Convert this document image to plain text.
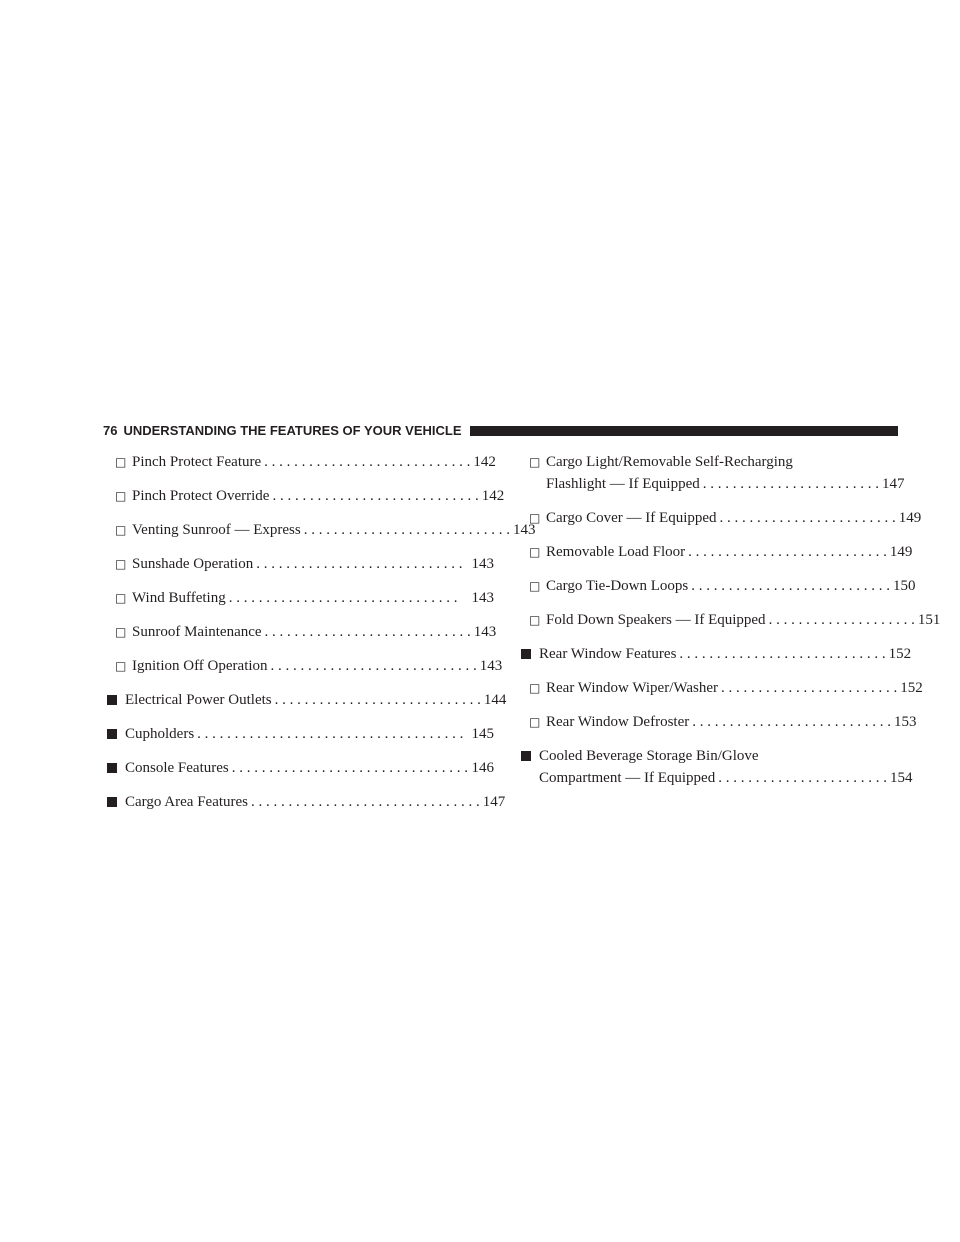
76 UNDERSTANDING THE FEATURES OF YOUR VEHICLE
□ Pinch Protect Feature . . . . . . . . . . . . . . . . . . . . . . . . . . . . 142
□ Pinch Protect Override . . . . . . . . . . . . . . . . . . . . . . . . . . . . 142
□ Venting Sunroof — Express . . . . . . . . . . . . . . . . . . . . . . . . . . . . 143
□ Sunshade Operation . . . . . . . . . . . . . . . . . . . . . . . . . . . . 143
□ Wind Buffeting . . . . . . . . . . . . . . . . . . . . . . . . . . . . . . . 143
□ Sunroof Maintenance . . . . . . . . . . . . . . . . . . . . . . . . . . . . 143
□ Ignition Off Operation . . . . . . . . . . . . . . . . . . . . . . . . . . . . 143
Electrical Power Outlets . . . . . . . . . . . . . . . . . . . . . . . . . . . . 144
Cupholders . . . . . . . . . . . . . . . . . . . . . . . . . . . . . . . . . . . . 145
Console Features . . . . . . . . . . . . . . . . . . . . . . . . . . . . . . . . 146
Cargo Area Features . . . . . . . . . . . . . . . . . . . . . . . . . . . . . . . 147
□ Cargo Light/Removable Self-Recharging
Flashlight — If Equipped . . . . . . . . . . . . . . . . . . . . . . . . 147
□ Cargo Cover — If Equipped . . . . . . . . . . . . . . . . . . . . . . . . 149
□ Removable Load Floor . . . . . . . . . . . . . . . . . . . . . . . . . . . 149
□ Cargo Tie-Down Loops . . . . . . . . . . . . . . . . . . . . . . . . . . . 150
□ Fold Down Speakers — If Equipped . . . . . . . . . . . . . . . . . . . . 151
Rear Window Features . . . . . . . . . . . . . . . . . . . . . . . . . . . . 152
□ Rear Window Wiper/Washer . . . . . . . . . . . . . . . . . . . . . . . . 152
□ Rear Window Defroster . . . . . . . . . . . . . . . . . . . . . . . . . . . 153
Cooled Beverage Storage Bin/Glove
Compartment — If Equipped . . . . . . . . . . . . . . . . . . . . . . . 154
